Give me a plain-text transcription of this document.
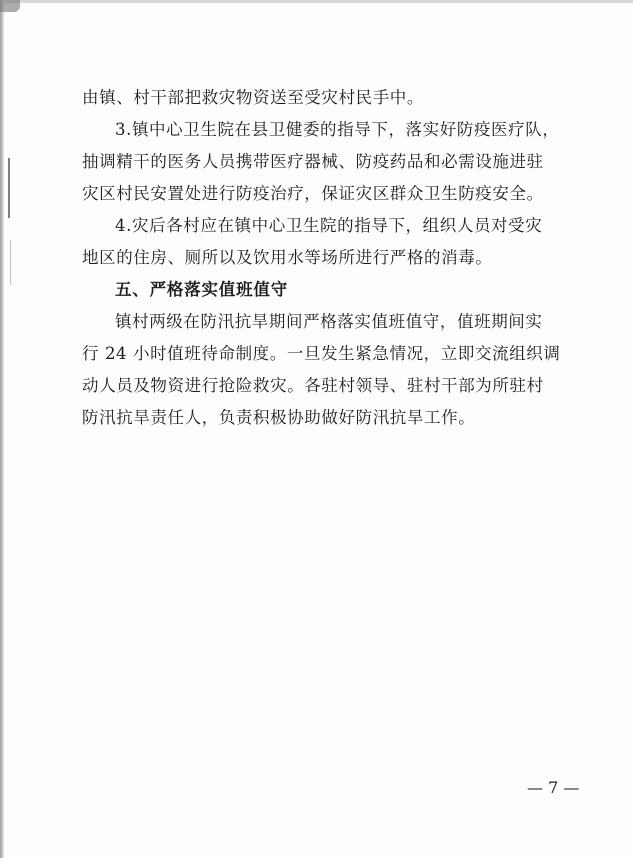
由镇、村干部把救灾物资送至受灾村民手中。
3.镇中心卫生院在县卫健委的指导下，落实好防疫医疗队，
抽调精干的医务人员携带医疗器械、防疫药品和必需设施进驻
灾区村民安置处进行防疫治疗，保证灾区群众卫生防疫安全。
4.灾后各村应在镇中心卫生院的指导下，组织人员对受灾
地区的住房、厕所以及饮用水等场所进行严格的消毒。
五、严格落实值班值守
镇村两级在防汛抗旱期间严格落实值班值守，值班期间实
行 24 小时值班待命制度。一旦发生紧急情况，立即交流组织调
动人员及物资进行抢险救灾。各驻村领导、驻村干部为所驻村
防汛抗旱责任人，负责积极协助做好防汛抗旱工作。
— 7 —
